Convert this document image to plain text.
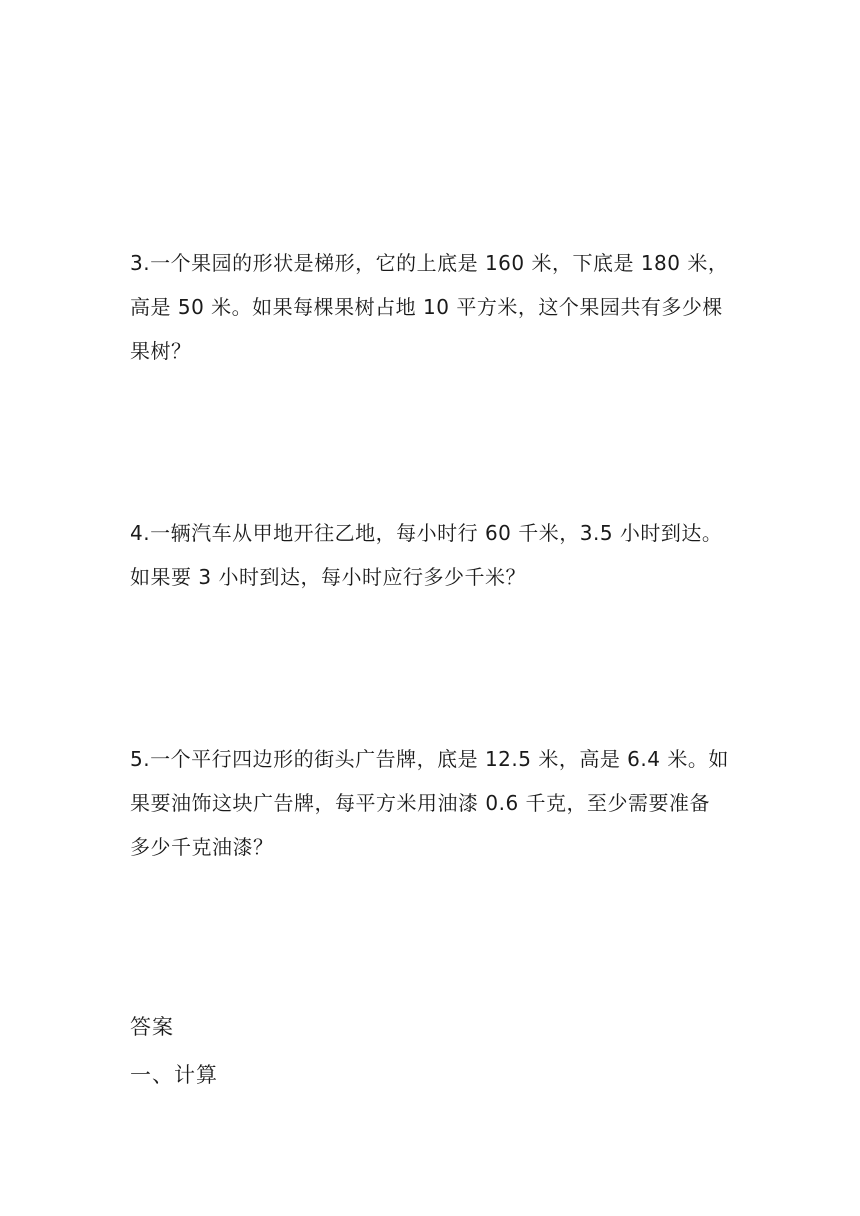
3.一个果园的形状是梯形，它的上底是 160 米，下底是 180 米，
高是 50 米。如果每棵果树占地 10 平方米，这个果园共有多少棵
果树？
4.一辆汽车从甲地开往乙地，每小时行 60 千米，3.5 小时到达。
如果要 3 小时到达，每小时应行多少千米？
5.一个平行四边形的街头广告牌，底是 12.5 米，高是 6.4 米。如
果要油饰这块广告牌，每平方米用油漆 0.6 千克，至少需要准备
多少千克油漆？
答案
一、计算
